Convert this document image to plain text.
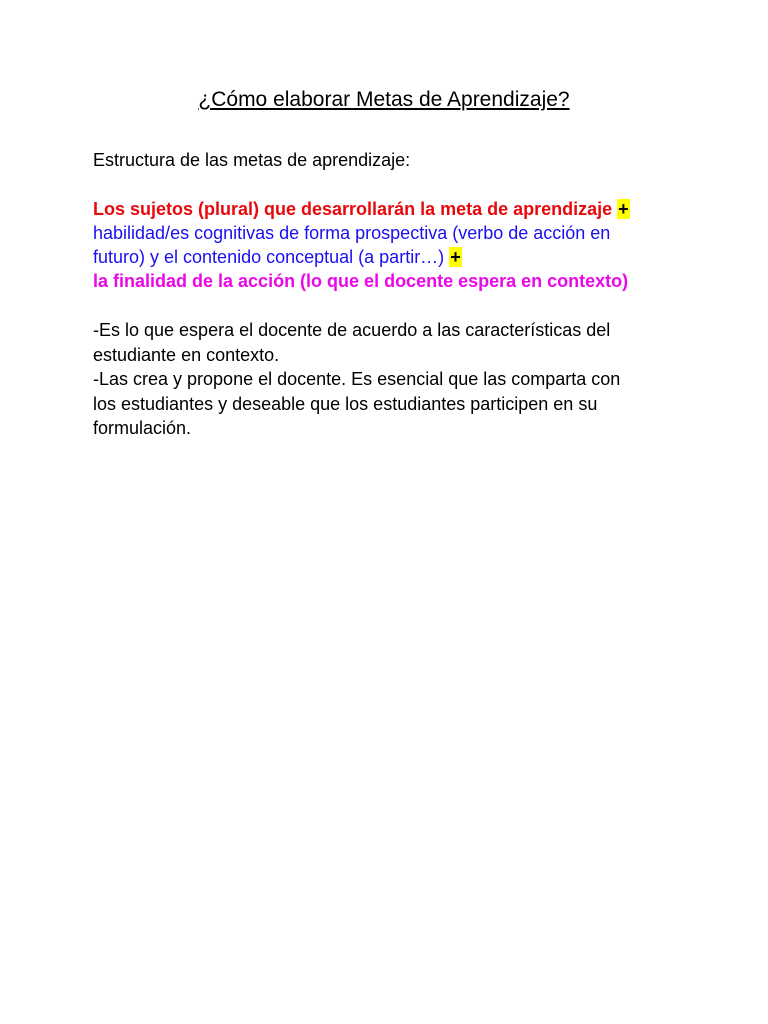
¿Cómo elaborar Metas de Aprendizaje?
Estructura de las metas de aprendizaje:
Los sujetos (plural) que desarrollarán la meta de aprendizaje +
habilidad/es cognitivas de forma prospectiva (verbo de acción en
futuro) y el contenido conceptual (a partir…) +
la finalidad de la acción (lo que el docente espera en contexto)
-Es lo que espera el docente de acuerdo a las características del
estudiante en contexto.
-Las crea y propone el docente. Es esencial que las comparta con
los estudiantes y deseable que los estudiantes participen en su
formulación.
